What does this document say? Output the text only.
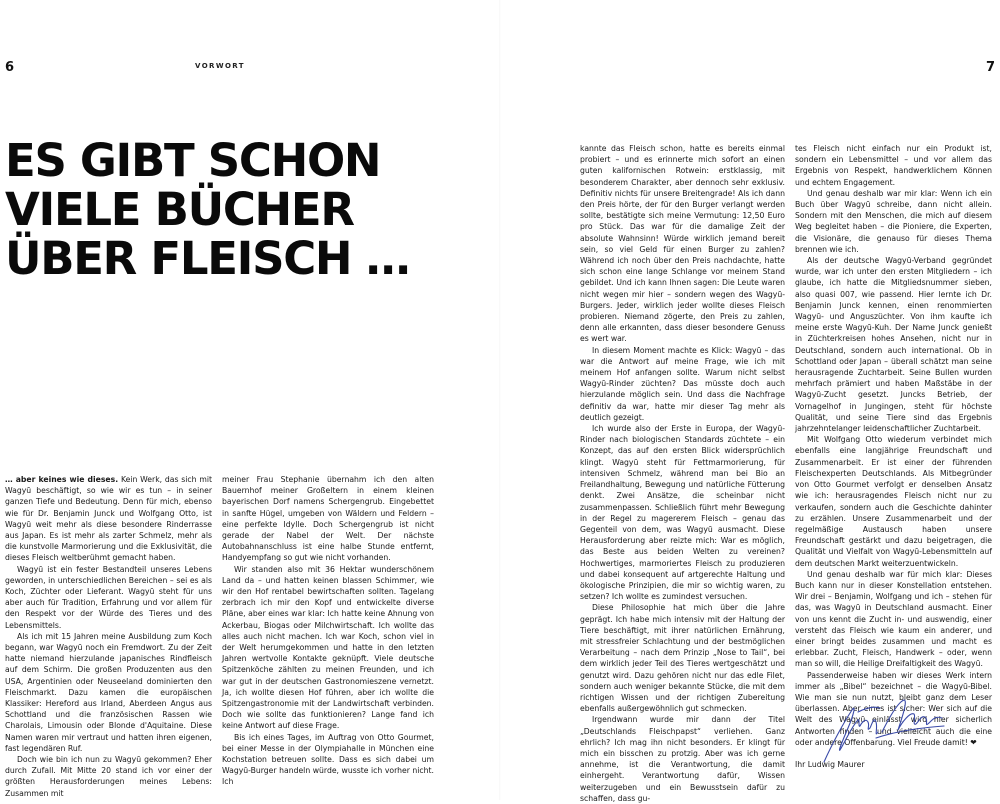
6	VORWORT	7
ES GIBT SCHON
VIELE BÜCHER
ÜBER FLEISCH …

… aber keines wie dieses. Kein Werk, das sich mit Wagyū beschäftigt, so wie wir es tun – in seiner ganzen Tiefe und Bedeutung. Denn für mich, ebenso wie für Dr. Benjamin Junck und Wolfgang Otto, ist Wagyū weit mehr als diese besondere Rinderrasse aus Japan. Es ist mehr als zarter Schmelz, mehr als die kunstvolle Marmorierung und die Exklusivität, die dieses Fleisch weltberühmt gemacht haben.

Wagyū ist ein fester Bestandteil unseres Lebens geworden, in unterschiedlichen Bereichen – sei es als Koch, Züchter oder Lieferant. Wagyū steht für uns aber auch für Tradition, Erfahrung und vor allem für den Respekt vor der Würde des Tieres und des Lebensmittels.

Als ich mit 15 Jahren meine Ausbildung zum Koch begann, war Wagyū noch ein Fremdwort. Zu der Zeit hatte niemand hierzulande japanisches Rindfleisch auf dem Schirm. Die großen Produzenten aus den USA, Argentinien oder Neuseeland dominierten den Fleischmarkt. Dazu kamen die europäischen Klassiker: Hereford aus Irland, Aberdeen Angus aus Schottland und die französischen Rassen wie Charolais, Limousin oder Blonde d'Aquitaine. Diese Namen waren mir vertraut und hatten ihren eigenen, fast legendären Ruf.

Doch wie bin ich nun zu Wagyū gekommen? Eher durch Zufall. Mit Mitte 20 stand ich vor einer der größten Herausforderungen meines Lebens: Zusammen mit

meiner Frau Stephanie übernahm ich den alten Bauernhof meiner Großeltern in einem kleinen bayerischen Dorf namens Schergengrub. Eingebettet in sanfte Hügel, umgeben von Wäldern und Feldern – eine perfekte Idylle. Doch Schergengrub ist nicht gerade der Nabel der Welt. Der nächste Autobahnanschluss ist eine halbe Stunde entfernt, Handyempfang so gut wie nicht vorhanden.

Wir standen also mit 36 Hektar wunderschönem Land da – und hatten keinen blassen Schimmer, wie wir den Hof rentabel bewirtschaften sollten. Tagelang zerbrach ich mir den Kopf und entwickelte diverse Pläne, aber eines war klar: Ich hatte keine Ahnung von Ackerbau, Biogas oder Milchwirtschaft. Ich wollte das alles auch nicht machen. Ich war Koch, schon viel in der Welt herumgekommen und hatte in den letzten Jahren wertvolle Kontakte geknüpft. Viele deutsche Spitzenköche zählten zu meinen Freunden, und ich war gut in der deutschen Gastronomieszene vernetzt. Ja, ich wollte diesen Hof führen, aber ich wollte die Spitzengastronomie mit der Landwirtschaft verbinden. Doch wie sollte das funktionieren? Lange fand ich keine Antwort auf diese Frage.

Bis ich eines Tages, im Auftrag von Otto Gourmet, bei einer Messe in der Olympiahalle in München eine Kochstation betreuen sollte. Dass es sich dabei um Wagyū-Burger handeln würde, wusste ich vorher nicht. Ich

kannte das Fleisch schon, hatte es bereits einmal probiert – und es erinnerte mich sofort an einen guten kalifornischen Rotwein: erstklassig, mit besonderem Charakter, aber dennoch sehr exklusiv. Definitiv nichts für unsere Breitengrade! Als ich dann den Preis hörte, der für den Burger verlangt werden sollte, bestätigte sich meine Vermutung: 12,50 Euro pro Stück. Das war für die damalige Zeit der absolute Wahnsinn! Würde wirklich jemand bereit sein, so viel Geld für einen Burger zu zahlen? Während ich noch über den Preis nachdachte, hatte sich schon eine lange Schlange vor meinem Stand gebildet. Und ich kann Ihnen sagen: Die Leute waren nicht wegen mir hier – sondern wegen des Wagyū-Burgers. Jeder, wirklich jeder wollte dieses Fleisch probieren. Niemand zögerte, den Preis zu zahlen, denn alle erkannten, dass dieser besondere Genuss es wert war.

In diesem Moment machte es Klick: Wagyū – das war die Antwort auf meine Frage, wie ich mit meinem Hof anfangen sollte. Warum nicht selbst Wagyū-Rinder züchten? Das müsste doch auch hierzulande möglich sein. Und dass die Nachfrage definitiv da war, hatte mir dieser Tag mehr als deutlich gezeigt.

Ich wurde also der Erste in Europa, der Wagyū-Rinder nach biologischen Standards züchtete – ein Konzept, das auf den ersten Blick widersprüchlich klingt. Wagyū steht für Fettmarmorierung, für intensiven Schmelz, während man bei Bio an Freilandhaltung, Bewegung und natürliche Fütterung denkt. Zwei Ansätze, die scheinbar nicht zusammenpassen. Schließlich führt mehr Bewegung in der Regel zu magererem Fleisch – genau das Gegenteil von dem, was Wagyū ausmacht. Diese Herausforderung aber reizte mich: War es möglich, das Beste aus beiden Welten zu vereinen? Hochwertiges, marmoriertes Fleisch zu produzieren und dabei konsequent auf artgerechte Haltung und ökologische Prinzipien, die mir so wichtig waren, zu setzen? Ich wollte es zumindest versuchen.

Diese Philosophie hat mich über die Jahre geprägt. Ich habe mich intensiv mit der Haltung der Tiere beschäftigt, mit ihrer natürlichen Ernährung, mit stressfreier Schlachtung und der bestmöglichen Verarbeitung – nach dem Prinzip „Nose to Tail“, bei dem wirklich jeder Teil des Tieres wertgeschätzt und genutzt wird. Dazu gehören nicht nur das edle Filet, sondern auch weniger bekannte Stücke, die mit dem richtigen Wissen und der richtigen Zubereitung ebenfalls außergewöhnlich gut schmecken.

Irgendwann wurde mir dann der Titel „Deutschlands Fleischpapst“ verliehen. Ganz ehrlich? Ich mag ihn nicht besonders. Er klingt für mich ein bisschen zu protzig. Aber was ich gerne annehme, ist die Verantwortung, die damit einhergeht. Verantwortung dafür, Wissen weiterzugeben und ein Bewusstsein dafür zu schaffen, dass gu-

tes Fleisch nicht einfach nur ein Produkt ist, sondern ein Lebensmittel – und vor allem das Ergebnis von Respekt, handwerklichem Können und echtem Engagement.

Und genau deshalb war mir klar: Wenn ich ein Buch über Wagyū schreibe, dann nicht allein. Sondern mit den Menschen, die mich auf diesem Weg begleitet haben – die Pioniere, die Experten, die Visionäre, die genauso für dieses Thema brennen wie ich.

Als der deutsche Wagyū-Verband gegründet wurde, war ich unter den ersten Mitgliedern – ich glaube, ich hatte die Mitgliedsnummer sieben, also quasi 007, wie passend. Hier lernte ich Dr. Benjamin Junck kennen, einen renommierten Wagyū- und Anguszüchter. Von ihm kaufte ich meine erste Wagyū-Kuh. Der Name Junck genießt in Züchterkreisen hohes Ansehen, nicht nur in Deutschland, sondern auch international. Ob in Schottland oder Japan – überall schätzt man seine herausragende Zuchtarbeit. Seine Bullen wurden mehrfach prämiert und haben Maßstäbe in der Wagyū-Zucht gesetzt. Juncks Betrieb, der Vornagelhof in Jungingen, steht für höchste Qualität, und seine Tiere sind das Ergebnis jahrzehntelanger leidenschaftlicher Zuchtarbeit.

Mit Wolfgang Otto wiederum verbindet mich ebenfalls eine langjährige Freundschaft und Zusammenarbeit. Er ist einer der führenden Fleischexperten Deutschlands. Als Mitbegründer von Otto Gourmet verfolgt er denselben Ansatz wie ich: herausragendes Fleisch nicht nur zu verkaufen, sondern auch die Geschichte dahinter zu erzählen. Unsere Zusammenarbeit und der regelmäßige Austausch haben unsere Freundschaft gestärkt und dazu beigetragen, die Qualität und Vielfalt von Wagyū-Lebensmitteln auf dem deutschen Markt weiterzuentwickeln.

Und genau deshalb war für mich klar: Dieses Buch kann nur in dieser Konstellation entstehen. Wir drei – Benjamin, Wolfgang und ich – stehen für das, was Wagyū in Deutschland ausmacht. Einer von uns kennt die Zucht in- und auswendig, einer versteht das Fleisch wie kaum ein anderer, und einer bringt beides zusammen und macht es erlebbar. Zucht, Fleisch, Handwerk – oder, wenn man so will, die Heilige Dreifaltigkeit des Wagyū.

Passenderweise haben wir dieses Werk intern immer als „Bibel“ bezeichnet – die Wagyū-Bibel. Wie man sie nun nutzt, bleibt ganz dem Leser überlassen. Aber eines ist sicher: Wer sich auf die Welt des Wagyū einlässt, wird hier sicherlich Antworten finden – und vielleicht auch die eine oder andere Offenbarung. Viel Freude damit! ❤

Ihr Ludwig Maurer
